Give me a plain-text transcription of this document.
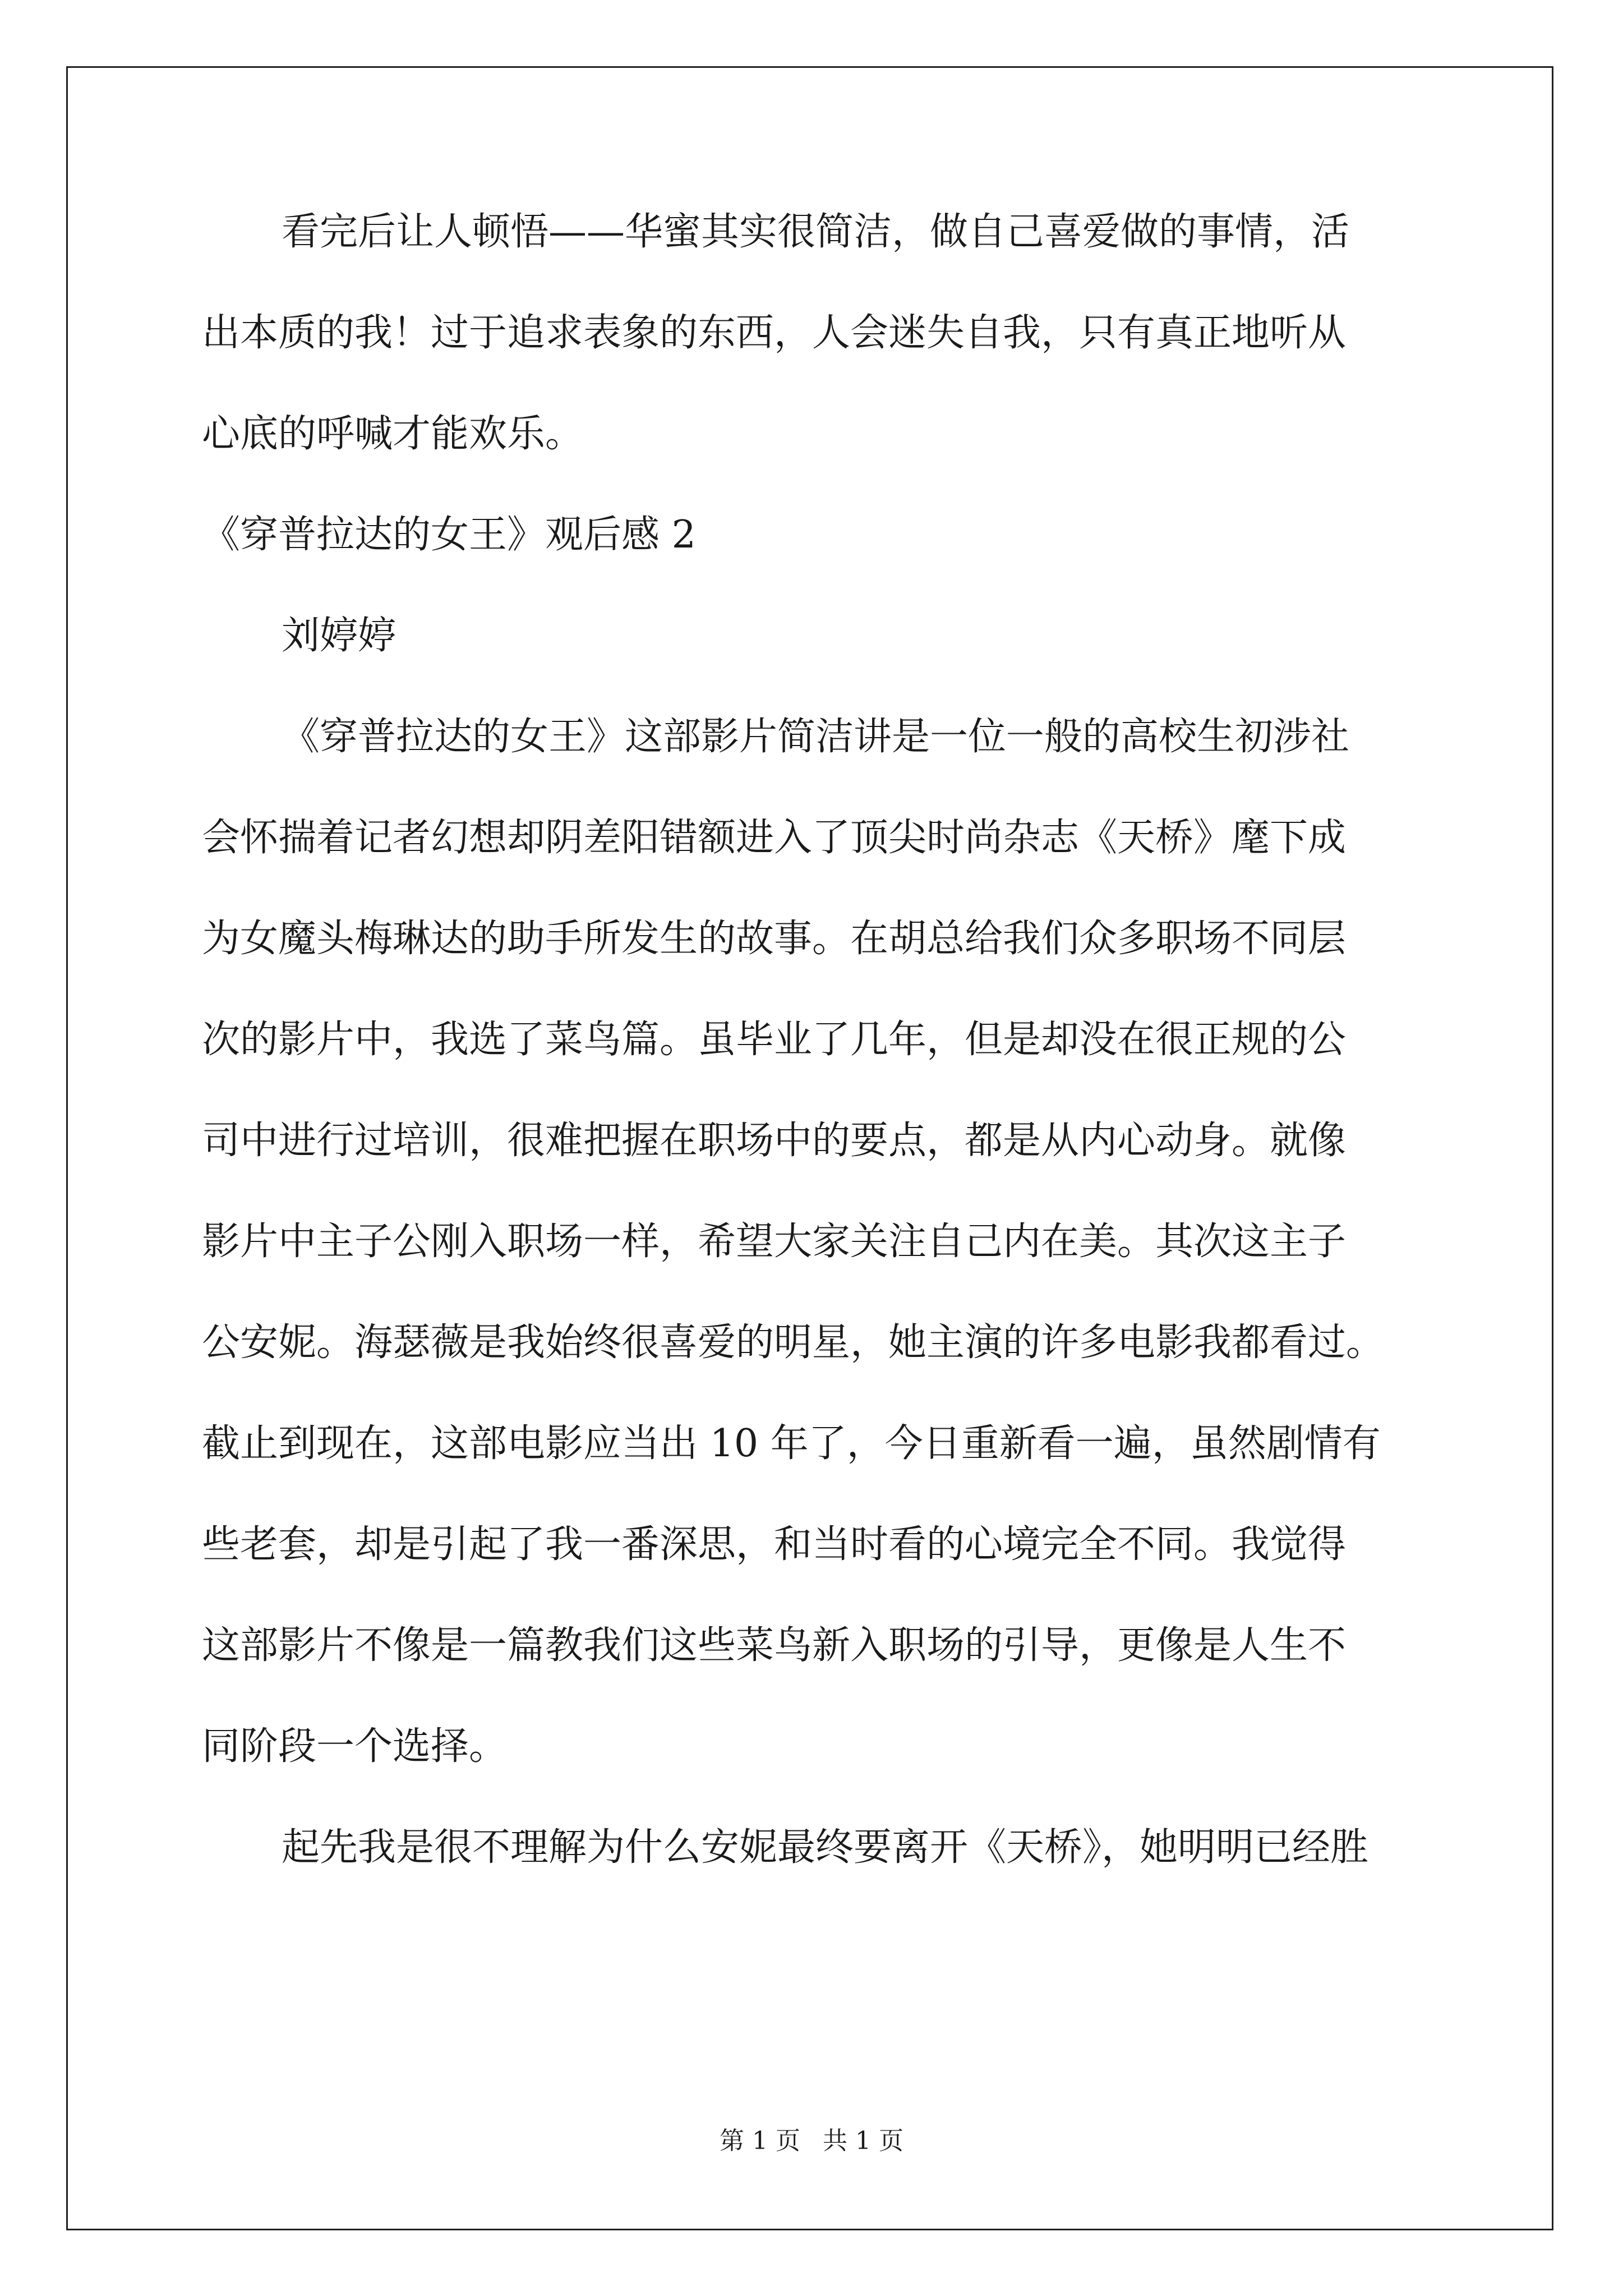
看完后让人顿悟——华蜜其实很简洁，做自己喜爱做的事情，活
出本质的我！过于追求表象的东西，人会迷失自我，只有真正地听从
心底的呼喊才能欢乐。
《穿普拉达的女王》观后感 2
刘婷婷
《穿普拉达的女王》这部影片简洁讲是一位一般的高校生初涉社
会怀揣着记者幻想却阴差阳错额进入了顶尖时尚杂志《天桥》麾下成
为女魔头梅琳达的助手所发生的故事。在胡总给我们众多职场不同层
次的影片中，我选了菜鸟篇。虽毕业了几年，但是却没在很正规的公
司中进行过培训，很难把握在职场中的要点，都是从内心动身。就像
影片中主子公刚入职场一样，希望大家关注自己内在美。其次这主子
公安妮。海瑟薇是我始终很喜爱的明星，她主演的许多电影我都看过。
截止到现在，这部电影应当出 10 年了，今日重新看一遍，虽然剧情有
些老套，却是引起了我一番深思，和当时看的心境完全不同。我觉得
这部影片不像是一篇教我们这些菜鸟新入职场的引导，更像是人生不
同阶段一个选择。
起先我是很不理解为什么安妮最终要离开《天桥》，她明明已经胜
第 1 页 共 1 页
